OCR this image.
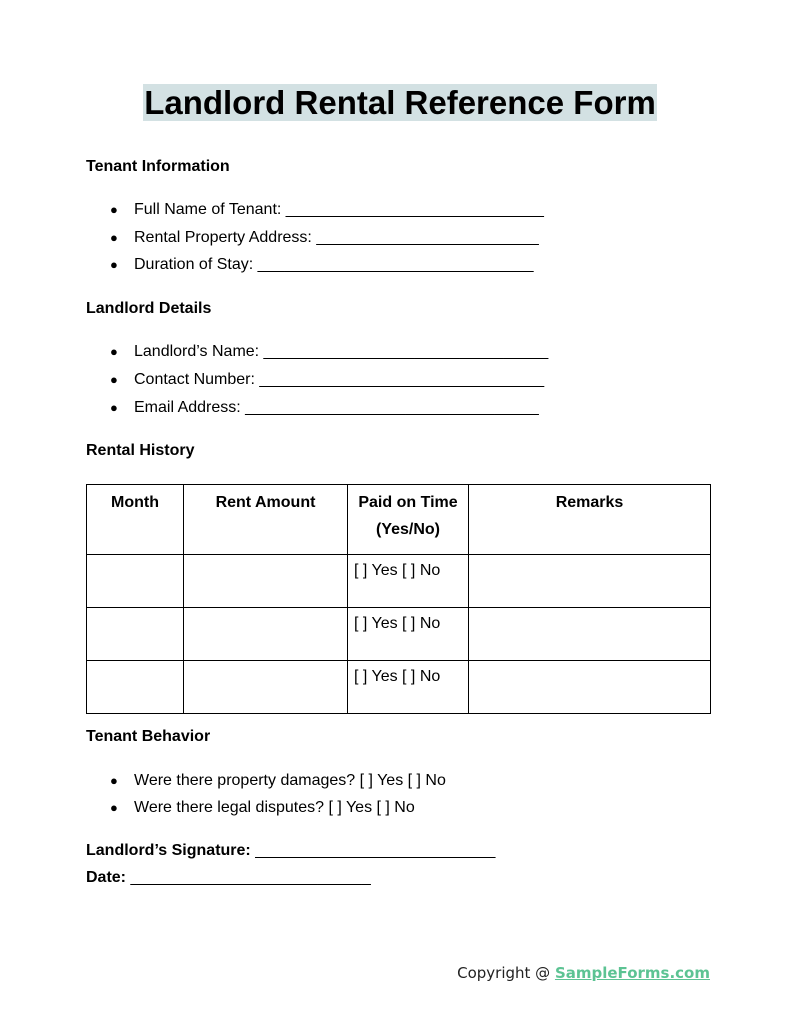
Landlord Rental Reference Form
Tenant Information
● Full Name of Tenant: _____________________________
● Rental Property Address: _________________________
● Duration of Stay: _______________________________
Landlord Details
● Landlord’s Name: ________________________________
● Contact Number: ________________________________
● Email Address: _________________________________
Rental History
Month	Rent Amount	Paid on Time (Yes/No)	Remarks
		[ ] Yes [ ] No	
		[ ] Yes [ ] No	
		[ ] Yes [ ] No	
Tenant Behavior
● Were there property damages? [ ] Yes [ ] No
● Were there legal disputes? [ ] Yes [ ] No
Landlord’s Signature: ___________________________
Date: ___________________________
Copyright @ SampleForms.com
